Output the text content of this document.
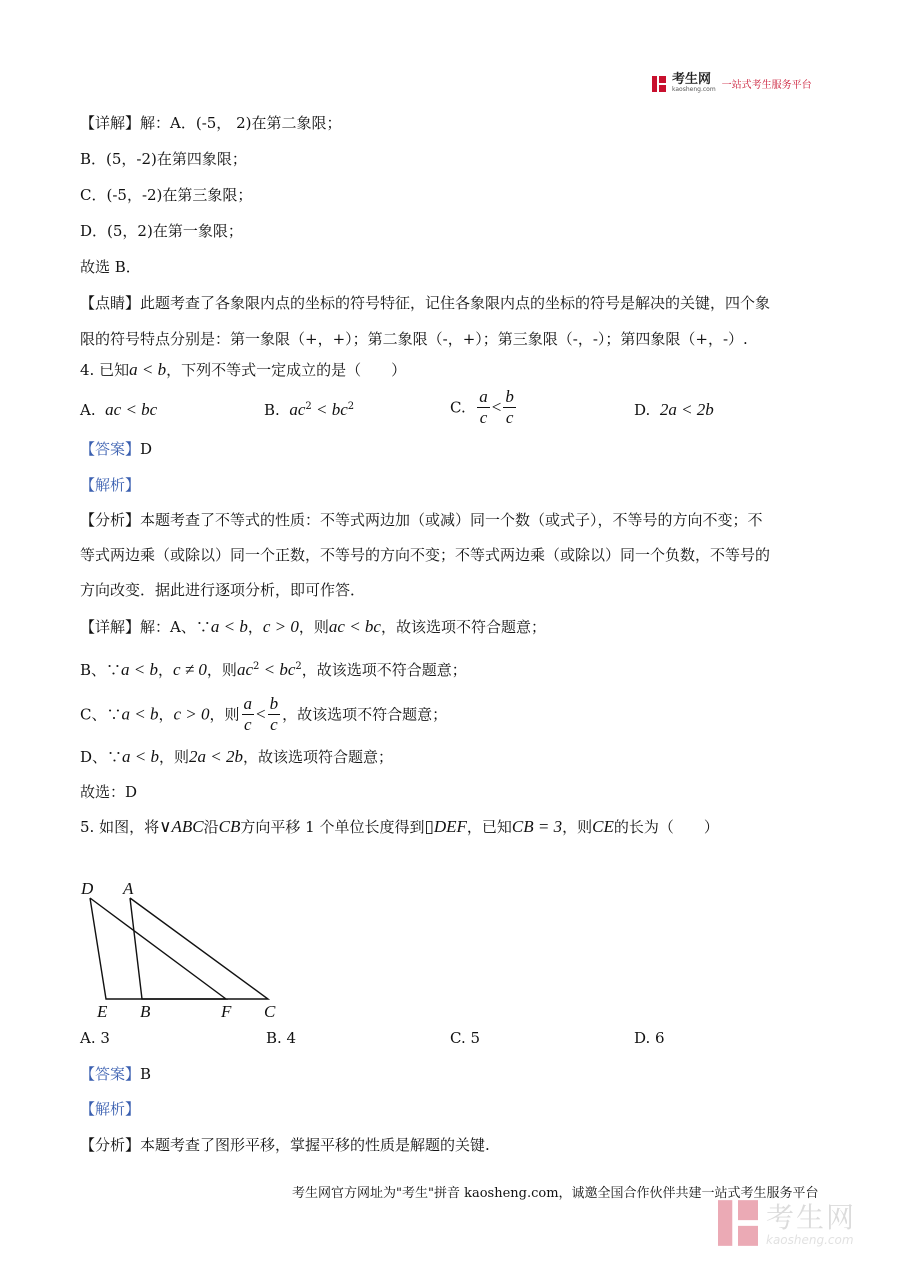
考生网
kaosheng.com 一站式考生服务平台
【详解】解：A．(-5， 2)在第二象限；
B．(5，-2)在第四象限；
C．(-5，-2)在第三象限；
D．(5，2)在第一象限；
故选 B．
【点睛】此题考查了各象限内点的坐标的符号特征，记住各象限内点的坐标的符号是解决的关键，四个象
限的符号特点分别是：第一象限（+，+）；第二象限（-，+）；第三象限（-，-）；第四象限（+，-）.
4. 已知a < b，下列不等式一定成立的是（　　）
A. ac < bc	B. $ac^2 < bc^2$	C. $\frac{a}{c} < \frac{b}{c}$	D. 2a < 2b
【答案】D
【解析】
【分析】本题考查了不等式的性质：不等式两边加（或减）同一个数（或式子），不等号的方向不变；不
等式两边乘（或除以）同一个正数，不等号的方向不变；不等式两边乘（或除以）同一个负数，不等号的
方向改变．据此进行逐项分析，即可作答．
【详解】解：A、∵a < b，c > 0，则ac < bc，故该选项不符合题意；
B、∵a < b，c ≠ 0，则$ac^2 < bc^2$，故该选项不符合题意；
C、∵a < b，c > 0，则 $\frac{a}{c} < \frac{b}{c}$ ，故该选项不符合题意；
D、∵a < b，则2a < 2b，故该选项符合题意；
故选：D
5. 如图，将∨ABC沿CB方向平移 1 个单位长度得到▯DEF，已知CB = 3，则CE的长为（　　）
D A
E B	F C
A. 3	B. 4	C. 5	D. 6
【答案】B
【解析】
【分析】本题考查了图形平移，掌握平移的性质是解题的关键.
考生网官方网址为"考生"拼音 kaosheng.com，诚邀全国合作伙伴共建一站式考生服务平台
考生网
kaosheng.com
